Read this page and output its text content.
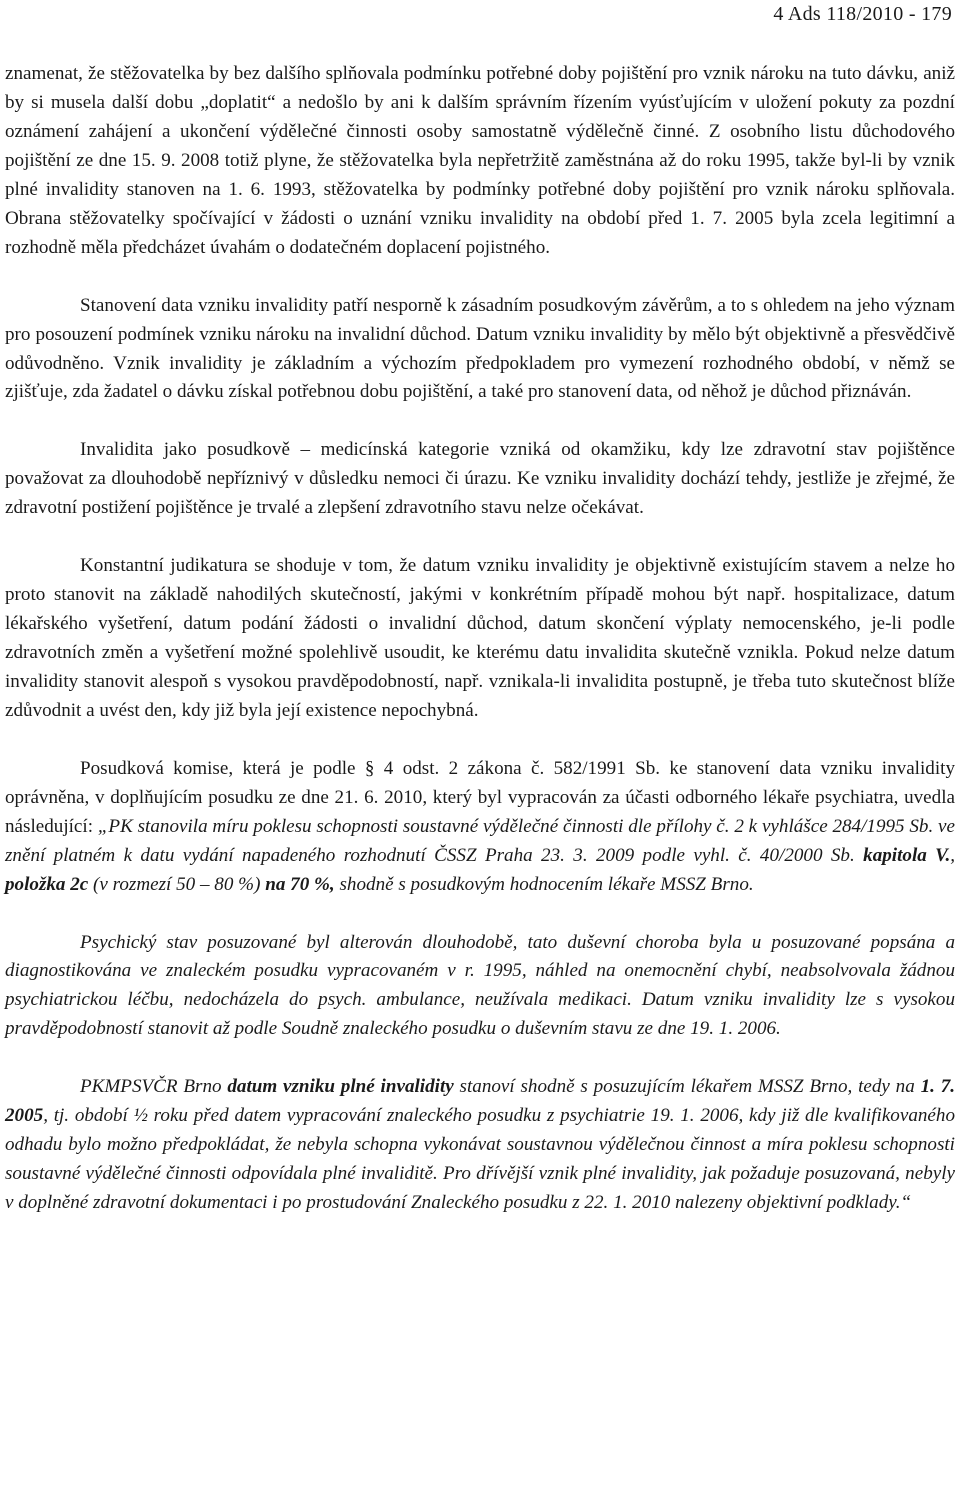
4 Ads 118/2010 - 179

znamenat, že stěžovatelka by bez dalšího splňovala podmínku potřebné doby pojištění pro vznik nároku na tuto dávku, aniž by si musela další dobu „doplatit“ a nedošlo by ani k dalším správním řízením vyúsťujícím v uložení pokuty za pozdní oznámení zahájení a ukončení výdělečné činnosti osoby samostatně výdělečně činné. Z osobního listu důchodového pojištění ze dne 15. 9. 2008 totiž plyne, že stěžovatelka byla nepřetržitě zaměstnána až do roku 1995, takže byl-li by vznik plné invalidity stanoven na 1. 6. 1993, stěžovatelka by podmínky potřebné doby pojištění pro vznik nároku splňovala. Obrana stěžovatelky spočívající v žádosti o uznání vzniku invalidity na období před 1. 7. 2005 byla zcela legitimní a rozhodně měla předcházet úvahám o dodatečném doplacení pojistného.

Stanovení data vzniku invalidity patří nesporně k zásadním posudkovým závěrům, a to s ohledem na jeho význam pro posouzení podmínek vzniku nároku na invalidní důchod. Datum vzniku invalidity by mělo být objektivně a přesvědčivě odůvodněno. Vznik invalidity je základním a výchozím předpokladem pro vymezení rozhodného období, v němž se zjišťuje, zda žadatel o dávku získal potřebnou dobu pojištění, a také pro stanovení data, od něhož je důchod přiznáván.

Invalidita jako posudkově – medicínská kategorie vzniká od okamžiku, kdy lze zdravotní stav pojištěnce považovat za dlouhodobě nepříznivý v důsledku nemoci či úrazu. Ke vzniku invalidity dochází tehdy, jestliže je zřejmé, že zdravotní postižení pojištěnce je trvalé a zlepšení zdravotního stavu nelze očekávat.

Konstantní judikatura se shoduje v tom, že datum vzniku invalidity je objektivně existujícím stavem a nelze ho proto stanovit na základě nahodilých skutečností, jakými v konkrétním případě mohou být např. hospitalizace, datum lékařského vyšetření, datum podání žádosti o invalidní důchod, datum skončení výplaty nemocenského, je-li podle zdravotních změn a vyšetření možné spolehlivě usoudit, ke kterému datu invalidita skutečně vznikla. Pokud nelze datum invalidity stanovit alespoň s vysokou pravděpodobností, např. vznikala-li invalidita postupně, je třeba tuto skutečnost blíže zdůvodnit a uvést den, kdy již byla její existence nepochybná.

Posudková komise, která je podle § 4 odst. 2 zákona č. 582/1991 Sb. ke stanovení data vzniku invalidity oprávněna, v doplňujícím posudku ze dne 21. 6. 2010, který byl vypracován za účasti odborného lékaře psychiatra, uvedla následující: „PK stanovila míru poklesu schopnosti soustavné výdělečné činnosti dle přílohy č. 2 k vyhlášce 284/1995 Sb. ve znění platném k datu vydání napadeného rozhodnutí ČSSZ Praha 23. 3. 2009 podle vyhl. č. 40/2000 Sb. kapitola V., položka 2c (v rozmezí 50 – 80 %) na 70 %, shodně s posudkovým hodnocením lékaře MSSZ Brno.

Psychický stav posuzované byl alterován dlouhodobě, tato duševní choroba byla u posuzované popsána a diagnostikována ve znaleckém posudku vypracovaném v r. 1995, náhled na onemocnění chybí, neabsolvovala žádnou psychiatrickou léčbu, nedocházela do psych. ambulance, neužívala medikaci. Datum vzniku invalidity lze s vysokou pravděpodobností stanovit až podle Soudně znaleckého posudku o duševním stavu ze dne 19. 1. 2006.

PKMPSVČR Brno datum vzniku plné invalidity stanoví shodně s posuzujícím lékařem MSSZ Brno, tedy na 1. 7. 2005, tj. období ½ roku před datem vypracování znaleckého posudku z psychiatrie 19. 1. 2006, kdy již dle kvalifikovaného odhadu bylo možno předpokládat, že nebyla schopna vykonávat soustavnou výdělečnou činnost a míra poklesu schopnosti soustavné výdělečné činnosti odpovídala plné invaliditě. Pro dřívější vznik plné invalidity, jak požaduje posuzovaná, nebyly v doplněné zdravotní dokumentaci i po prostudování Znaleckého posudku z 22. 1. 2010 nalezeny objektivní podklady.“
